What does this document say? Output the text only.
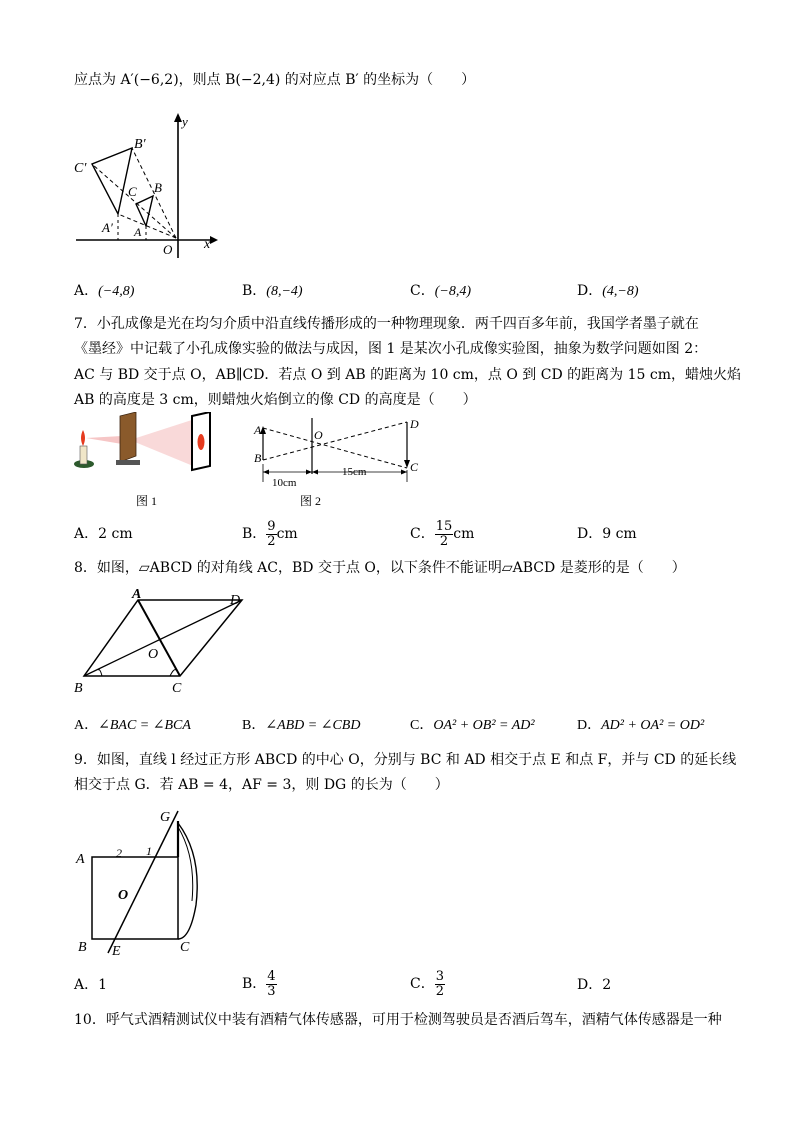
应点为 A′(−6,2)，则点 B(−2,4) 的对应点 B′ 的坐标为（　　）
B′
C′
C B
A′ A
O x
y
A．(−4,8)	B．(8,−4)	C．(−8,4)	D．(4,−8)
7．小孔成像是光在均匀介质中沿直线传播形成的一种物理现象．两千四百多年前，我国学者墨子就在
《墨经》中记载了小孔成像实验的做法与成因，图 1 是某次小孔成像实验图，抽象为数学问题如图 2：
AC 与 BD 交于点 O，AB∥CD．若点 O 到 AB 的距离为 10 cm，点 O 到 CD 的距离为 15 cm，蜡烛火焰
AB 的高度是 3 cm，则蜡烛火焰倒立的像 CD 的高度是（　　）
图 1
A
B
O
D
C
10cm
15cm
图 2
A．2 cm	B． $\frac{9}{2}$ cm	C． $\frac{15}{2}$ cm	D．9 cm
8．如图，▱ABCD 的对角线 AC，BD 交于点 O，以下条件不能证明▱ABCD 是菱形的是（　　）
A	D
O
B	C
A．∠BAC = ∠BCA	B．∠ABD = ∠CBD	C．OA² + OB² = AD²	D．AD² + OA² = OD²
9．如图，直线 l 经过正方形 ABCD 的中心 O，分别与 BC 和 AD 相交于点 E 和点 F，并与 CD 的延长线
相交于点 G．若 AB = 4，AF = 3，则 DG 的长为（　　）
G
A	2 1
O
B E	C
A．1	B． $\frac{4}{3}$	C． $\frac{3}{2}$	D．2
10．呼气式酒精测试仪中装有酒精气体传感器，可用于检测驾驶员是否酒后驾车，酒精气体传感器是一种
